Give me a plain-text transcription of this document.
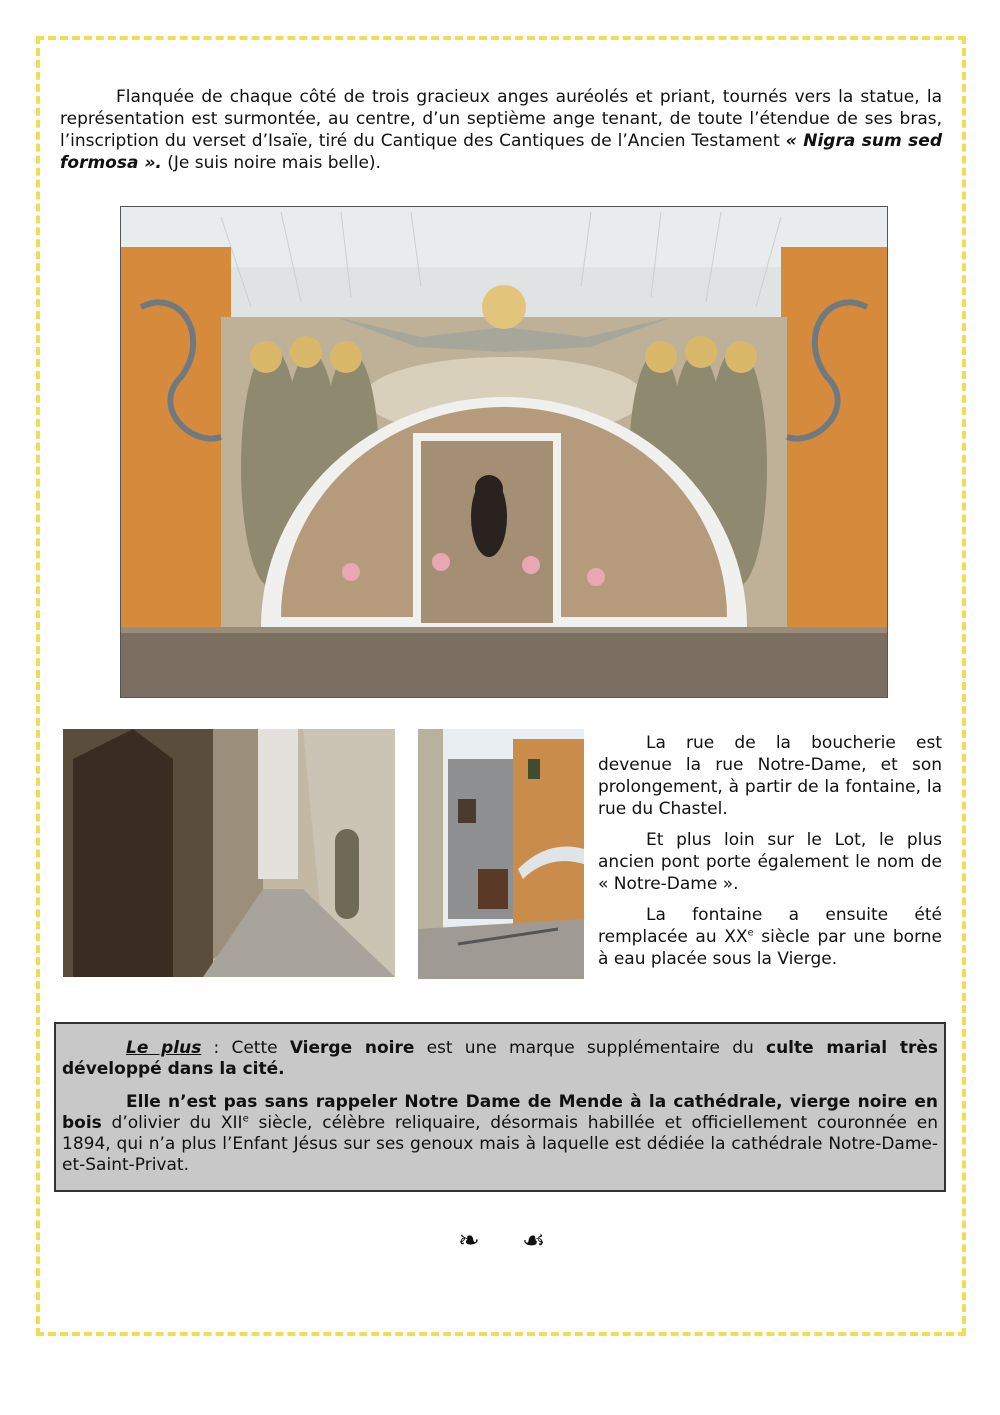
Flanquée de chaque côté de trois gracieux anges auréolés et priant, tournés vers la statue, la représentation est surmontée, au centre, d’un septième ange tenant, de toute l’étendue de ses bras, l’inscription du verset d’Isaïe, tiré du Cantique des Cantiques de l’Ancien Testament « Nigra sum sed formosa ». (Je suis noire mais belle).

La rue de la boucherie est devenue la rue Notre-Dame, et son prolongement, à partir de la fontaine, la rue du Chastel.

Et plus loin sur le Lot, le plus ancien pont porte également le nom de « Notre-Dame ».

La fontaine a ensuite été remplacée au XXe siècle par une borne à eau placée sous la Vierge.

Le plus : Cette Vierge noire est une marque supplémentaire du culte marial très développé dans la cité.

Elle n’est pas sans rappeler Notre Dame de Mende à la cathédrale, vierge noire en bois d’olivier du XIIe siècle, célèbre reliquaire, désormais habillée et officiellement couronnée en 1894, qui n’a plus l’Enfant Jésus sur ses genoux mais à laquelle est dédiée la cathédrale Notre-Dame-et-Saint-Privat.

❧ ☙
